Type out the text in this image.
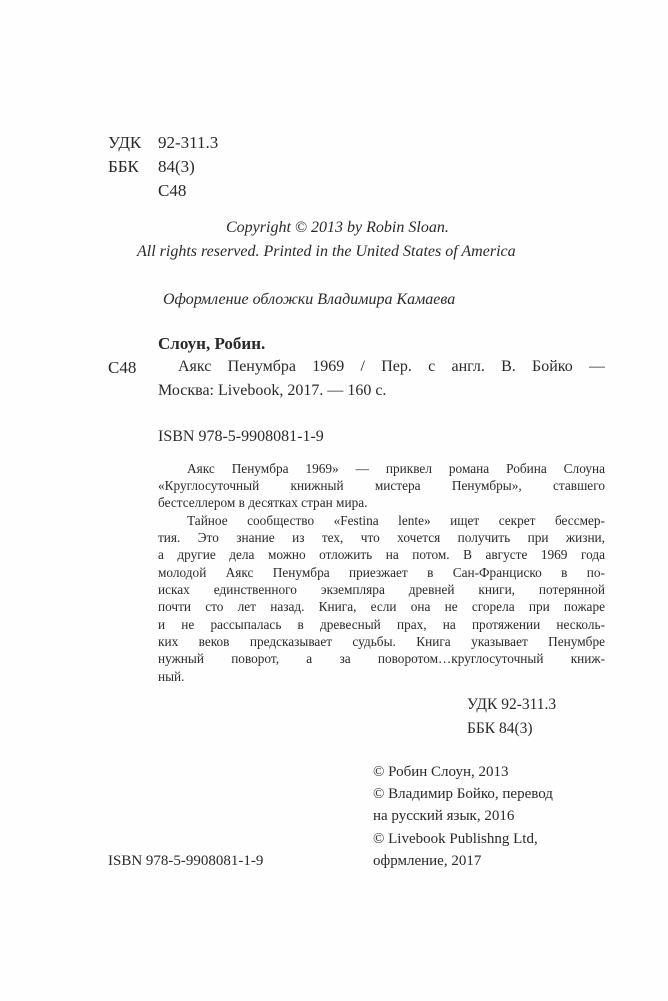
УДК 92-311.3
ББК 84(3)
С48
Copyright © 2013 by Robin Sloan.
All rights reserved. Printed in the United States of America
Оформление обложки Владимира Камаева
Слоун, Робин.
С48	Аякс Пенумбра 1969 / Пер. с англ. В. Бойко —
Москва: Livebook, 2017. — 160 с.
ISBN 978-5-9908081-1-9
Аякс Пенумбра 1969» — приквел романа Робина Слоуна
«Круглосуточный книжный мистера Пенумбры», ставшего
бестселлером в десятках стран мира.
Тайное сообщество «Festina lente» ищет секрет бессмер-
тия. Это знание из тех, что хочется получить при жизни,
а другие дела можно отложить на потом. В августе 1969 года
молодой Аякс Пенумбра приезжает в Сан-Франциско в по-
исках единственного экземпляра древней книги, потерянной
почти сто лет назад. Книга, если она не сгорела при пожаре
и не рассыпалась в древесный прах, на протяжении несколь-
ких веков предсказывает судьбы. Книга указывает Пенумбре
нужный поворот, а за поворотом…круглосуточный книж-
ный.
УДК 92-311.3
ББК 84(3)
© Робин Слоун, 2013
© Владимир Бойко, перевод
на русский язык, 2016
© Livebook Publishng Ltd,
офрмление, 2017
ISBN 978-5-9908081-1-9
